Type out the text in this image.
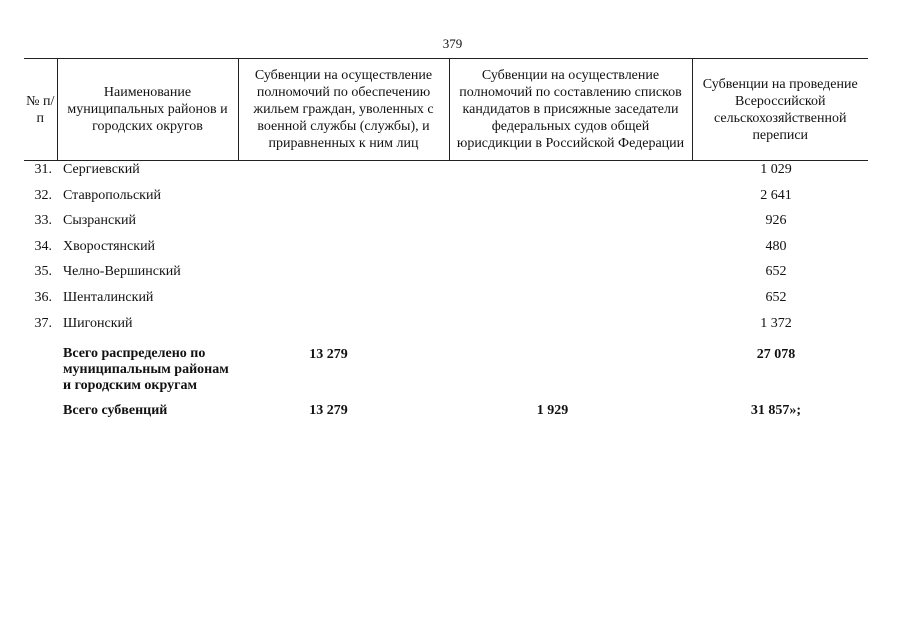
379
№ п/п	Наименование муниципальных районов и городских округов	Субвенции на осуществление полномочий по обеспечению жильем граждан, уволенных с военной службы (службы), и приравненных к ним лиц	Субвенции на осуществление полномочий по составлению списков кандидатов в присяжные заседатели федеральных судов общей юрисдикции в Российской Федерации	Субвенции на проведение Всероссийской сельскохозяйственной переписи
31.	Сергиевский			1 029
32.	Ставропольский			2 641
33.	Сызранский			926
34.	Хворостянский			480
35.	Челно-Вершинский			652
36.	Шенталинский			652
37.	Шигонский			1 372
	Всего распределено по муниципальным районам и городским округам	13 279		27 078
	Всего субвенций	13 279	1 929	31 857»;
